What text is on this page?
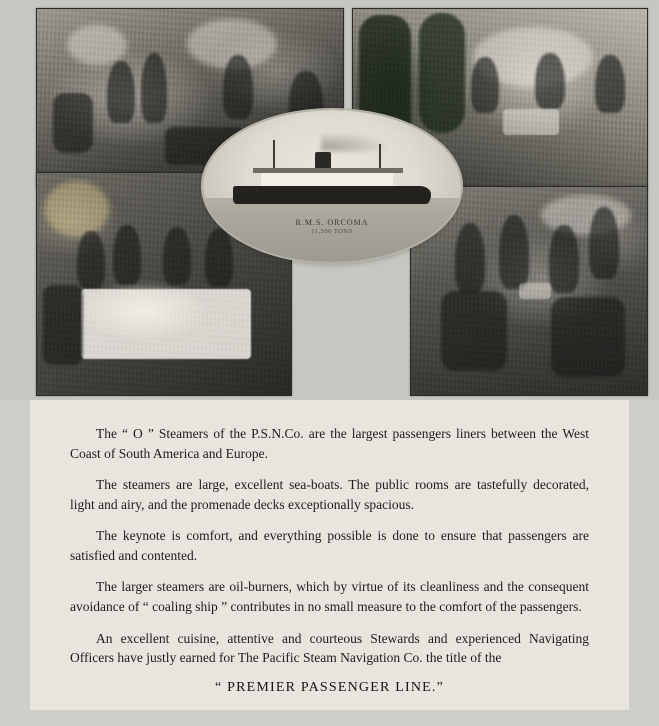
R.M.S. ORCOMA
11,500 TONS

The “ O ” Steamers of the P.S.N.Co. are the largest passengers liners between the West Coast of South America and Europe.

The steamers are large, excellent sea-boats. The public rooms are tastefully decorated, light and airy, and the promenade decks exceptionally spacious.

The keynote is comfort, and everything possible is done to ensure that passengers are satisfied and contented.

The larger steamers are oil-burners, which by virtue of its cleanliness and the consequent avoidance of “ coaling ship ” contributes in no small measure to the comfort of the passengers.

An excellent cuisine, attentive and courteous Stewards and experienced Navigating Officers have justly earned for The Pacific Steam Navigation Co. the title of the

“ PREMIER PASSENGER LINE.”
